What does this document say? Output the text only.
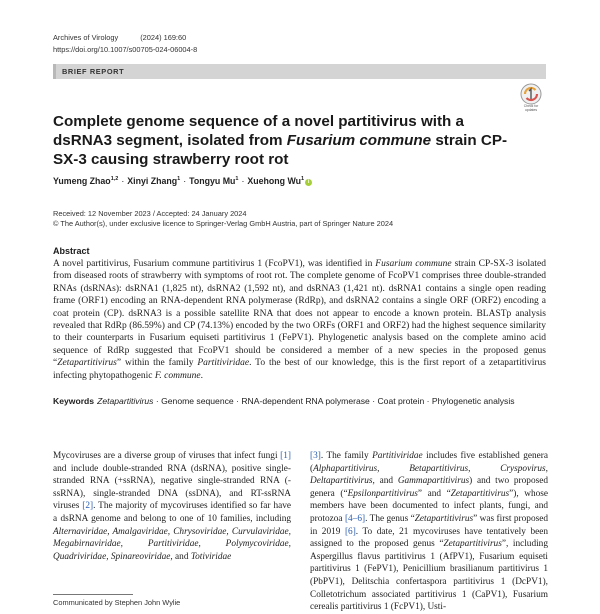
Archives of Virology	(2024) 169:60
https://doi.org/10.1007/s00705-024-06004-8
BRIEF REPORT
Check for
updates
Complete genome sequence of a novel partitivirus with a dsRNA3 segment, isolated from Fusarium commune strain CP-SX-3 causing strawberry root rot
Yumeng Zhao$^{1,2}$ · Xinyi Zhang$^1$ · Tongyu $Mu^1$ · Xuehong Wu$^1$ i
Received: 12 November 2023 / Accepted: 24 January 2024
© The Author(s), under exclusive licence to Springer-Verlag GmbH Austria, part of Springer Nature 2024
Abstract
A novel partitivirus, Fusarium commune partitivirus 1 (FcoPV1), was identified in Fusarium commune strain CP-SX-3 isolated from diseased roots of strawberry with symptoms of root rot. The complete genome of FcoPV1 comprises three double-stranded RNAs (dsRNAs): dsRNA1 (1,825 nt), dsRNA2 (1,592 nt), and dsRNA3 (1,421 nt). dsRNA1 contains a single open reading frame (ORF1) encoding an RNA-dependent RNA polymerase (RdRp), and dsRNA2 contains a single ORF (ORF2) encoding a coat protein (CP). dsRNA3 is a possible satellite RNA that does not appear to encode a known protein. BLASTp analysis revealed that RdRp (86.59%) and CP (74.13%) encoded by the two ORFs (ORF1 and ORF2) had the highest sequence similarity to their counterparts in Fusarium equiseti partitivirus 1 (FePV1). Phylogenetic analysis based on the complete amino acid sequence of RdRp suggested that FcoPV1 should be considered a member of a new species in the proposed genus “Zetapartitivirus” within the family Partitiviridae. To the best of our knowledge, this is the first report of a zetapartitivirus infecting phytopathogenic F. commune.
Keywords Zetapartitivirus · Genome sequence · RNA-dependent RNA polymerase · Coat protein · Phylogenetic analysis
Mycoviruses are a diverse group of viruses that infect fungi [1] and include double-stranded RNA (dsRNA), positive single-stranded RNA (+ssRNA), negative single-stranded RNA (-ssRNA), single-stranded DNA (ssDNA), and RT-ssRNA viruses [2]. The majority of mycoviruses identified so far have a dsRNA genome and belong to one of 10 families, including Alternaviridae, Amalgaviridae, Chrysoviridae, Curvulaviridae, Megabirnaviridae, Partitiviridae, Polymycoviridae, Quadriviridae, Spinareoviridae, and Totiviridae
[3]. The family Partitiviridae includes five established genera (Alphapartitivirus, Betapartitivirus, Cryspovirus, Deltapartitivirus, and Gammapartitivirus) and two proposed genera (“Epsilonpartitivirus” and “Zetapartitivirus”), whose members have been documented to infect plants, fungi, and protozoa [4–6]. The genus “Zetapartitivirus” was first proposed in 2019 [6]. To date, 21 mycoviruses have tentatively been assigned to the proposed genus “Zetapartitivirus”, including Aspergillus flavus partitivirus 1 (AfPV1), Fusarium equiseti partitivirus 1 (FePV1), Penicillium brasilianum partitivirus 1 (PbPV1), Delitschia confertaspora partitivirus 1 (DcPV1), Colletotrichum associated partitivirus 1 (CaPV1), Fusarium cerealis partitivirus 1 (FcPV1), Usti-
Communicated by Stephen John Wylie
